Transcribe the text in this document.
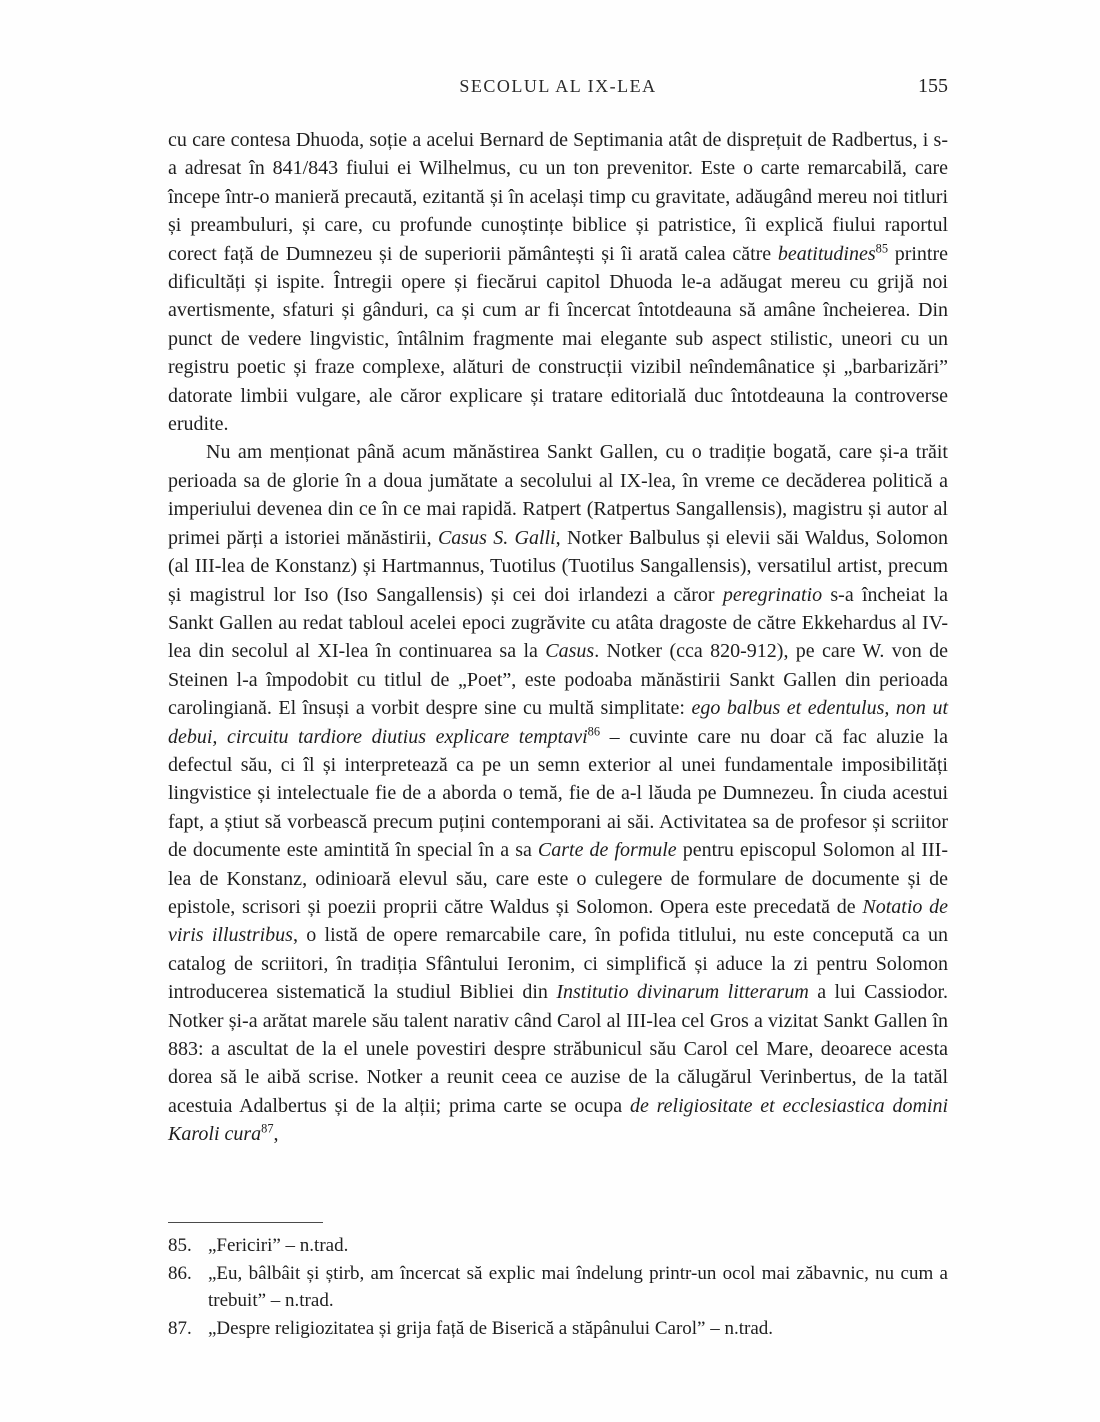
SECOLUL AL IX-LEA	155

cu care contesa Dhuoda, soție a acelui Bernard de Septimania atât de disprețuit de Radbertus, i s-a adresat în 841/843 fiului ei Wilhelmus, cu un ton prevenitor. Este o carte remarcabilă, care începe într-o manieră precaută, ezitantă și în același timp cu gravitate, adăugând mereu noi titluri și preambuluri, și care, cu profunde cunoștințe biblice și patristice, îi explică fiului raportul corect față de Dumnezeu și de superiorii pământești și îi arată calea către beatitudines$^{85}$ printre dificultăți și ispite. Întregii opere și fiecărui capitol Dhuoda le-a adăugat mereu cu grijă noi avertismente, sfaturi și gânduri, ca și cum ar fi încercat întotdeauna să amâne încheierea. Din punct de vedere lingvistic, întâlnim fragmente mai elegante sub aspect stilistic, uneori cu un registru poetic și fraze complexe, alături de construcții vizibil neîndemânatice și „barbarizări” datorate limbii vulgare, ale căror explicare și tratare editorială duc întotdeauna la controverse erudite.

Nu am menționat până acum mănăstirea Sankt Gallen, cu o tradiție bogată, care și-a trăit perioada sa de glorie în a doua jumătate a secolului al IX-lea, în vreme ce decăderea politică a imperiului devenea din ce în ce mai rapidă. Ratpert (Ratpertus Sangallensis), magistru și autor al primei părți a istoriei mănăstirii, Casus S. Galli, Notker Balbulus și elevii săi Waldus, Solomon (al III-lea de Konstanz) și Hartmannus, Tuotilus (Tuotilus Sangallensis), versatilul artist, precum și magistrul lor Iso (Iso Sangallensis) și cei doi irlandezi a căror peregrinatio s-a încheiat la Sankt Gallen au redat tabloul acelei epoci zugrăvite cu atâta dragoste de către Ekkehardus al IV-lea din secolul al XI-lea în continuarea sa la Casus. Notker (cca 820-912), pe care W. von de Steinen l-a împodobit cu titlul de „Poet”, este podoaba mănăstirii Sankt Gallen din perioada carolingiană. El însuși a vorbit despre sine cu multă simplitate: ego balbus et edentulus, non ut debui, circuitu tardiore diutius explicare temptavi$^{86}$ – cuvinte care nu doar că fac aluzie la defectul său, ci îl și interpretează ca pe un semn exterior al unei fundamentale imposibilități lingvistice și intelectuale fie de a aborda o temă, fie de a-l lăuda pe Dumnezeu. În ciuda acestui fapt, a știut să vorbească precum puțini contemporani ai săi. Activitatea sa de profesor și scriitor de documente este amintită în special în a sa Carte de formule pentru episcopul Solomon al III-lea de Konstanz, odinioară elevul său, care este o culegere de formulare de documente și de epistole, scrisori și poezii proprii către Waldus și Solomon. Opera este precedată de Notatio de viris illustribus, o listă de opere remarcabile care, în pofida titlului, nu este concepută ca un catalog de scriitori, în tradiția Sfântului Ieronim, ci simplifică și aduce la zi pentru Solomon introducerea sistematică la studiul Bibliei din Institutio divinarum litterarum a lui Cassiodor. Notker și-a arătat marele său talent narativ când Carol al III-lea cel Gros a vizitat Sankt Gallen în 883: a ascultat de la el unele povestiri despre străbunicul său Carol cel Mare, deoarece acesta dorea să le aibă scrise. Notker a reunit ceea ce auzise de la călugărul Verinbertus, de la tatăl acestuia Adalbertus și de la alții; prima carte se ocupa de religiositate et ecclesiastica domini Karoli cura$^{87}$,

85. „Fericiri” – n.trad.
86. „Eu, bâlbâit și știrb, am încercat să explic mai îndelung printr-un ocol mai zăbavnic, nu cum a trebuit” – n.trad.
87. „Despre religiozitatea și grija față de Biserică a stăpânului Carol” – n.trad.
